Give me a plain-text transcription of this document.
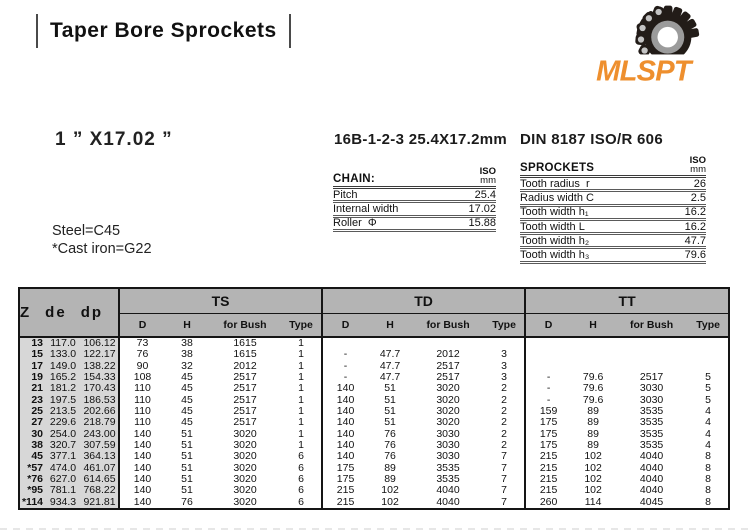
Taper Bore Sprockets
MLSPT
1 ” X17.02 ”
Steel=C45
*Cast iron=G22
16B-1-2-3 25.4X17.2mm
CHAIN:
ISO
mm
Pitch	25.4
Internal width	17.02
Roller  Φ	15.88
DIN 8187 ISO/R 606
SPROCKETS
ISO
mm
Tooth radius  r	26
Radius width C	2.5
Tooth width h₁	16.2
Tooth width L	16.2
Tooth width h₂	47.7
Tooth width h₃	79.6
Z de dp			TS				TD				TT			
			D	H	for Bush	Type	D	H	for Bush	Type	D	H	for Bush	Type
13	117.0	106.12	73	38	1615	1								
15	133.0	122.17	76	38	1615	1	-	47.7	2012	3				
17	149.0	138.22	90	32	2012	1	-	47.7	2517	3				
19	165.2	154.33	108	45	2517	1	-	47.7	2517	3	-	79.6	2517	5
21	181.2	170.43	110	45	2517	1	140	51	3020	2	-	79.6	3030	5
23	197.5	186.53	110	45	2517	1	140	51	3020	2	-	79.6	3030	5
25	213.5	202.66	110	45	2517	1	140	51	3020	2	159	89	3535	4
27	229.6	218.79	110	45	2517	1	140	51	3020	2	175	89	3535	4
30	254.0	243.00	140	51	3020	1	140	76	3030	2	175	89	3535	4
38	320.7	307.59	140	51	3020	1	140	76	3030	2	175	89	3535	4
45	377.1	364.13	140	51	3020	6	140	76	3030	7	215	102	4040	8
*57	474.0	461.07	140	51	3020	6	175	89	3535	7	215	102	4040	8
*76	627.0	614.65	140	51	3020	6	175	89	3535	7	215	102	4040	8
*95	781.1	768.22	140	51	3020	6	215	102	4040	7	215	102	4040	8
*114	934.3	921.81	140	76	3020	6	215	102	4040	7	260	114	4045	8
